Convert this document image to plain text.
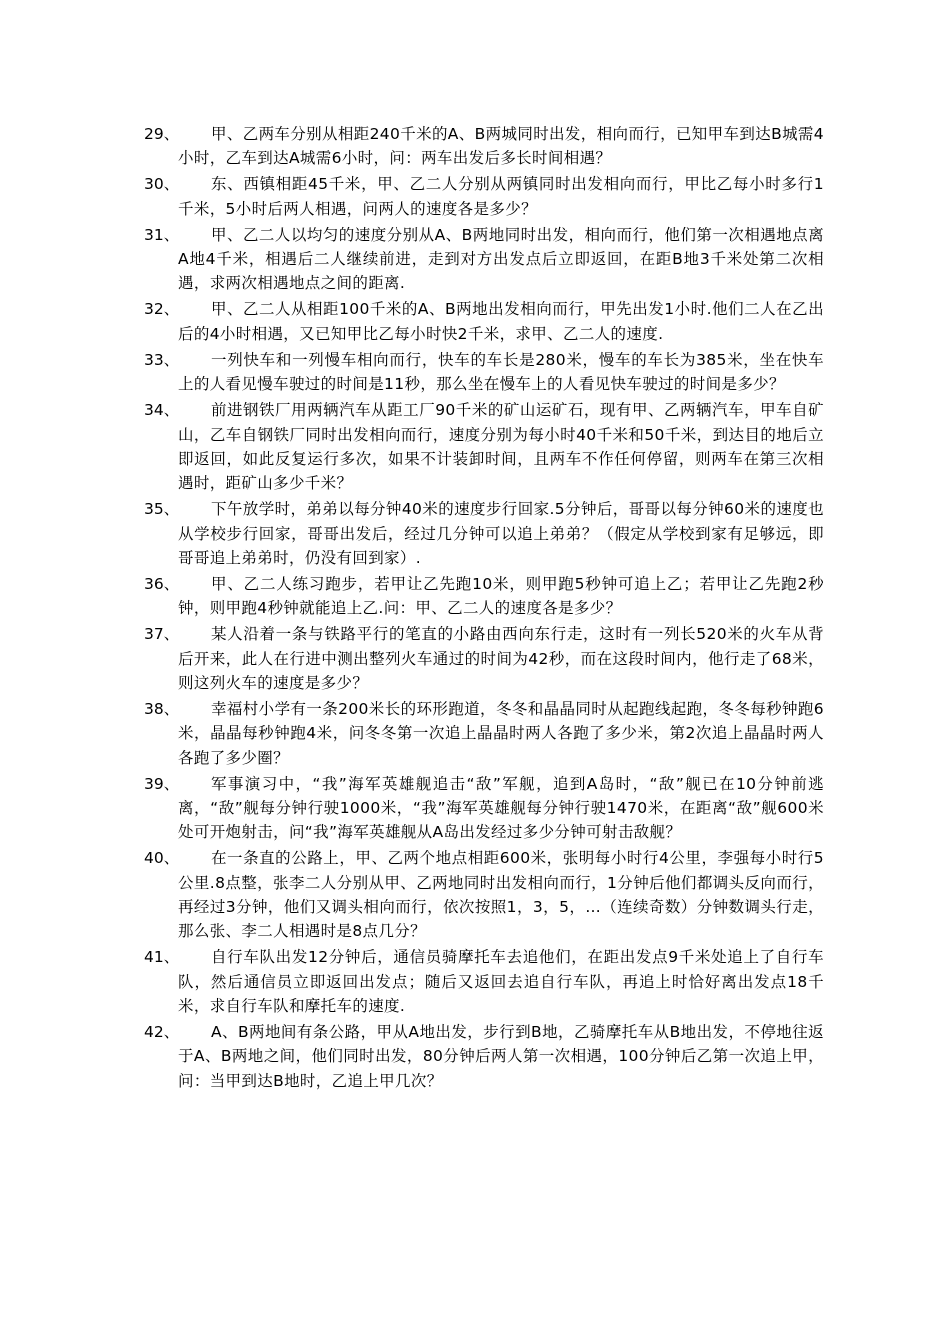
29、 甲、乙两车分别从相距240千米的A、B两城同时出发，相向而行，已知甲车到达B城需4小时，乙车到达A城需6小时，问：两车出发后多长时间相遇？
30、 东、西镇相距45千米，甲、乙二人分别从两镇同时出发相向而行，甲比乙每小时多行1千米，5小时后两人相遇，问两人的速度各是多少？
31、 甲、乙二人以均匀的速度分别从A、B两地同时出发，相向而行，他们第一次相遇地点离A地4千米，相遇后二人继续前进，走到对方出发点后立即返回，在距B地3千米处第二次相遇，求两次相遇地点之间的距离.
32、 甲、乙二人从相距100千米的A、B两地出发相向而行，甲先出发1小时.他们二人在乙出后的4小时相遇，又已知甲比乙每小时快2千米，求甲、乙二人的速度.
33、 一列快车和一列慢车相向而行，快车的车长是280米，慢车的车长为385米，坐在快车上的人看见慢车驶过的时间是11秒，那么坐在慢车上的人看见快车驶过的时间是多少？
34、 前进钢铁厂用两辆汽车从距工厂90千米的矿山运矿石，现有甲、乙两辆汽车，甲车自矿山，乙车自钢铁厂同时出发相向而行，速度分别为每小时40千米和50千米，到达目的地后立即返回，如此反复运行多次，如果不计装卸时间，且两车不作任何停留，则两车在第三次相遇时，距矿山多少千米？
35、 下午放学时，弟弟以每分钟40米的速度步行回家.5分钟后，哥哥以每分钟60米的速度也从学校步行回家，哥哥出发后，经过几分钟可以追上弟弟？（假定从学校到家有足够远，即哥哥追上弟弟时，仍没有回到家）.
36、 甲、乙二人练习跑步，若甲让乙先跑10米，则甲跑5秒钟可追上乙；若甲让乙先跑2秒钟，则甲跑4秒钟就能追上乙.问：甲、乙二人的速度各是多少？
37、 某人沿着一条与铁路平行的笔直的小路由西向东行走，这时有一列长520米的火车从背后开来，此人在行进中测出整列火车通过的时间为42秒，而在这段时间内，他行走了68米，则这列火车的速度是多少？
38、 幸福村小学有一条200米长的环形跑道，冬冬和晶晶同时从起跑线起跑，冬冬每秒钟跑6米，晶晶每秒钟跑4米，问冬冬第一次追上晶晶时两人各跑了多少米，第2次追上晶晶时两人各跑了多少圈？
39、 军事演习中，“我”海军英雄舰追击“敌”军舰，追到A岛时，“敌”舰已在10分钟前逃离，“敌”舰每分钟行驶1000米，“我”海军英雄舰每分钟行驶1470米，在距离“敌”舰600米处可开炮射击，问“我”海军英雄舰从A岛出发经过多少分钟可射击敌舰？
40、 在一条直的公路上，甲、乙两个地点相距600米，张明每小时行4公里，李强每小时行5公里.8点整，张李二人分别从甲、乙两地同时出发相向而行，1分钟后他们都调头反向而行，再经过3分钟，他们又调头相向而行，依次按照1，3，5，…（连续奇数）分钟数调头行走，那么张、李二人相遇时是8点几分？
41、 自行车队出发12分钟后，通信员骑摩托车去追他们，在距出发点9千米处追上了自行车队，然后通信员立即返回出发点；随后又返回去追自行车队，再追上时恰好离出发点18千米，求自行车队和摩托车的速度.
42、 A、B两地间有条公路，甲从A地出发，步行到B地，乙骑摩托车从B地出发，不停地往返于A、B两地之间，他们同时出发，80分钟后两人第一次相遇，100分钟后乙第一次追上甲，问：当甲到达B地时，乙追上甲几次？
